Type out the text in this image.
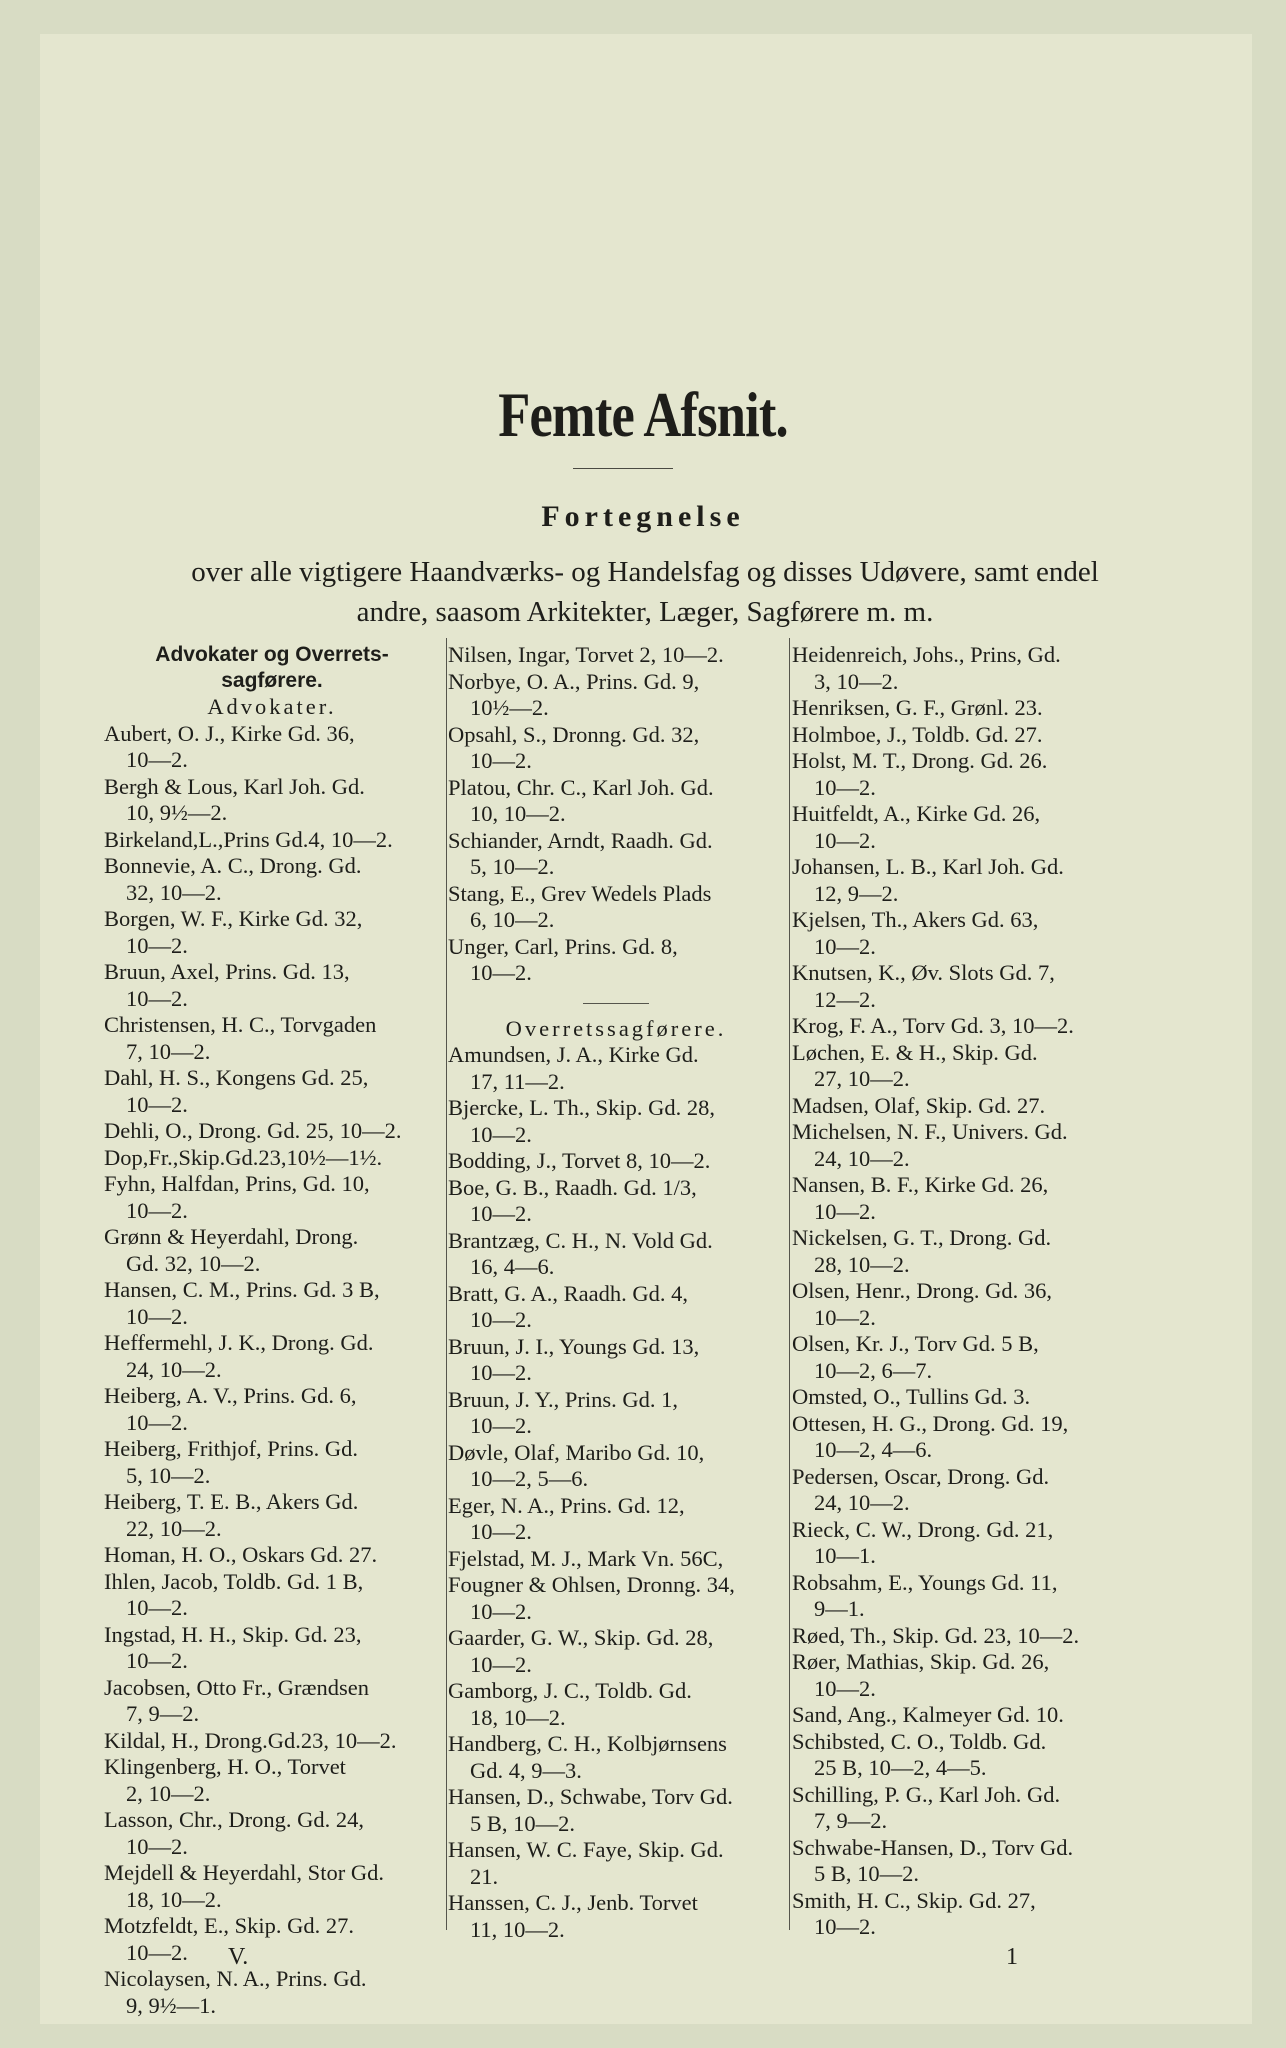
Femte Afsnit.
Fortegnelse
over alle vigtigere Haandværks- og Handelsfag og disses Udøvere, samt endel
andre, saasom Arkitekter, Læger, Sagførere m. m.
Advokater og Overrets-
sagførere.
Advokater.
Aubert, O. J., Kirke Gd. 36,
10—2.
Bergh & Lous, Karl Joh. Gd.
10, 9½—2.
Birkeland,L.,Prins Gd.4, 10—2.
Bonnevie, A. C., Drong. Gd.
32, 10—2.
Borgen, W. F., Kirke Gd. 32,
10—2.
Bruun, Axel, Prins. Gd. 13,
10—2.
Christensen, H. C., Torvgaden
7, 10—2.
Dahl, H. S., Kongens Gd. 25,
10—2.
Dehli, O., Drong. Gd. 25, 10—2.
Dop,Fr.,Skip.Gd.23,10½—1½.
Fyhn, Halfdan, Prins, Gd. 10,
10—2.
Grønn & Heyerdahl, Drong.
Gd. 32, 10—2.
Hansen, C. M., Prins. Gd. 3 B,
10—2.
Heffermehl, J. K., Drong. Gd.
24, 10—2.
Heiberg, A. V., Prins. Gd. 6,
10—2.
Heiberg, Frithjof, Prins. Gd.
5, 10—2.
Heiberg, T. E. B., Akers Gd.
22, 10—2.
Homan, H. O., Oskars Gd. 27.
Ihlen, Jacob, Toldb. Gd. 1 B,
10—2.
Ingstad, H. H., Skip. Gd. 23,
10—2.
Jacobsen, Otto Fr., Grændsen
7, 9—2.
Kildal, H., Drong.Gd.23, 10—2.
Klingenberg, H. O., Torvet
2, 10—2.
Lasson, Chr., Drong. Gd. 24,
10—2.
Mejdell & Heyerdahl, Stor Gd.
18, 10—2.
Motzfeldt, E., Skip. Gd. 27.
10—2.
Nicolaysen, N. A., Prins. Gd.
9, 9½—1.
Nilsen, Ingar, Torvet 2, 10—2.
Norbye, O. A., Prins. Gd. 9,
10½—2.
Opsahl, S., Dronng. Gd. 32,
10—2.
Platou, Chr. C., Karl Joh. Gd.
10, 10—2.
Schiander, Arndt, Raadh. Gd.
5, 10—2.
Stang, E., Grev Wedels Plads
6, 10—2.
Unger, Carl, Prins. Gd. 8,
10—2.
Overretssagførere.
Amundsen, J. A., Kirke Gd.
17, 11—2.
Bjercke, L. Th., Skip. Gd. 28,
10—2.
Bodding, J., Torvet 8, 10—2.
Boe, G. B., Raadh. Gd. 1/3,
10—2.
Brantzæg, C. H., N. Vold Gd.
16, 4—6.
Bratt, G. A., Raadh. Gd. 4,
10—2.
Bruun, J. I., Youngs Gd. 13,
10—2.
Bruun, J. Y., Prins. Gd. 1,
10—2.
Døvle, Olaf, Maribo Gd. 10,
10—2, 5—6.
Eger, N. A., Prins. Gd. 12,
10—2.
Fjelstad, M. J., Mark Vn. 56C,
Fougner & Ohlsen, Dronng. 34,
10—2.
Gaarder, G. W., Skip. Gd. 28,
10—2.
Gamborg, J. C., Toldb. Gd.
18, 10—2.
Handberg, C. H., Kolbjørnsens
Gd. 4, 9—3.
Hansen, D., Schwabe, Torv Gd.
5 B, 10—2.
Hansen, W. C. Faye, Skip. Gd.
21.
Hanssen, C. J., Jenb. Torvet
11, 10—2.
Heidenreich, Johs., Prins, Gd.
3, 10—2.
Henriksen, G. F., Grønl. 23.
Holmboe, J., Toldb. Gd. 27.
Holst, M. T., Drong. Gd. 26.
10—2.
Huitfeldt, A., Kirke Gd. 26,
10—2.
Johansen, L. B., Karl Joh. Gd.
12, 9—2.
Kjelsen, Th., Akers Gd. 63,
10—2.
Knutsen, K., Øv. Slots Gd. 7,
12—2.
Krog, F. A., Torv Gd. 3, 10—2.
Løchen, E. & H., Skip. Gd.
27, 10—2.
Madsen, Olaf, Skip. Gd. 27.
Michelsen, N. F., Univers. Gd.
24, 10—2.
Nansen, B. F., Kirke Gd. 26,
10—2.
Nickelsen, G. T., Drong. Gd.
28, 10—2.
Olsen, Henr., Drong. Gd. 36,
10—2.
Olsen, Kr. J., Torv Gd. 5 B,
10—2, 6—7.
Omsted, O., Tullins Gd. 3.
Ottesen, H. G., Drong. Gd. 19,
10—2, 4—6.
Pedersen, Oscar, Drong. Gd.
24, 10—2.
Rieck, C. W., Drong. Gd. 21,
10—1.
Robsahm, E., Youngs Gd. 11,
9—1.
Røed, Th., Skip. Gd. 23, 10—2.
Røer, Mathias, Skip. Gd. 26,
10—2.
Sand, Ang., Kalmeyer Gd. 10.
Schibsted, C. O., Toldb. Gd.
25 B, 10—2, 4—5.
Schilling, P. G., Karl Joh. Gd.
7, 9—2.
Schwabe-Hansen, D., Torv Gd.
5 B, 10—2.
Smith, H. C., Skip. Gd. 27,
10—2.
V.	1
